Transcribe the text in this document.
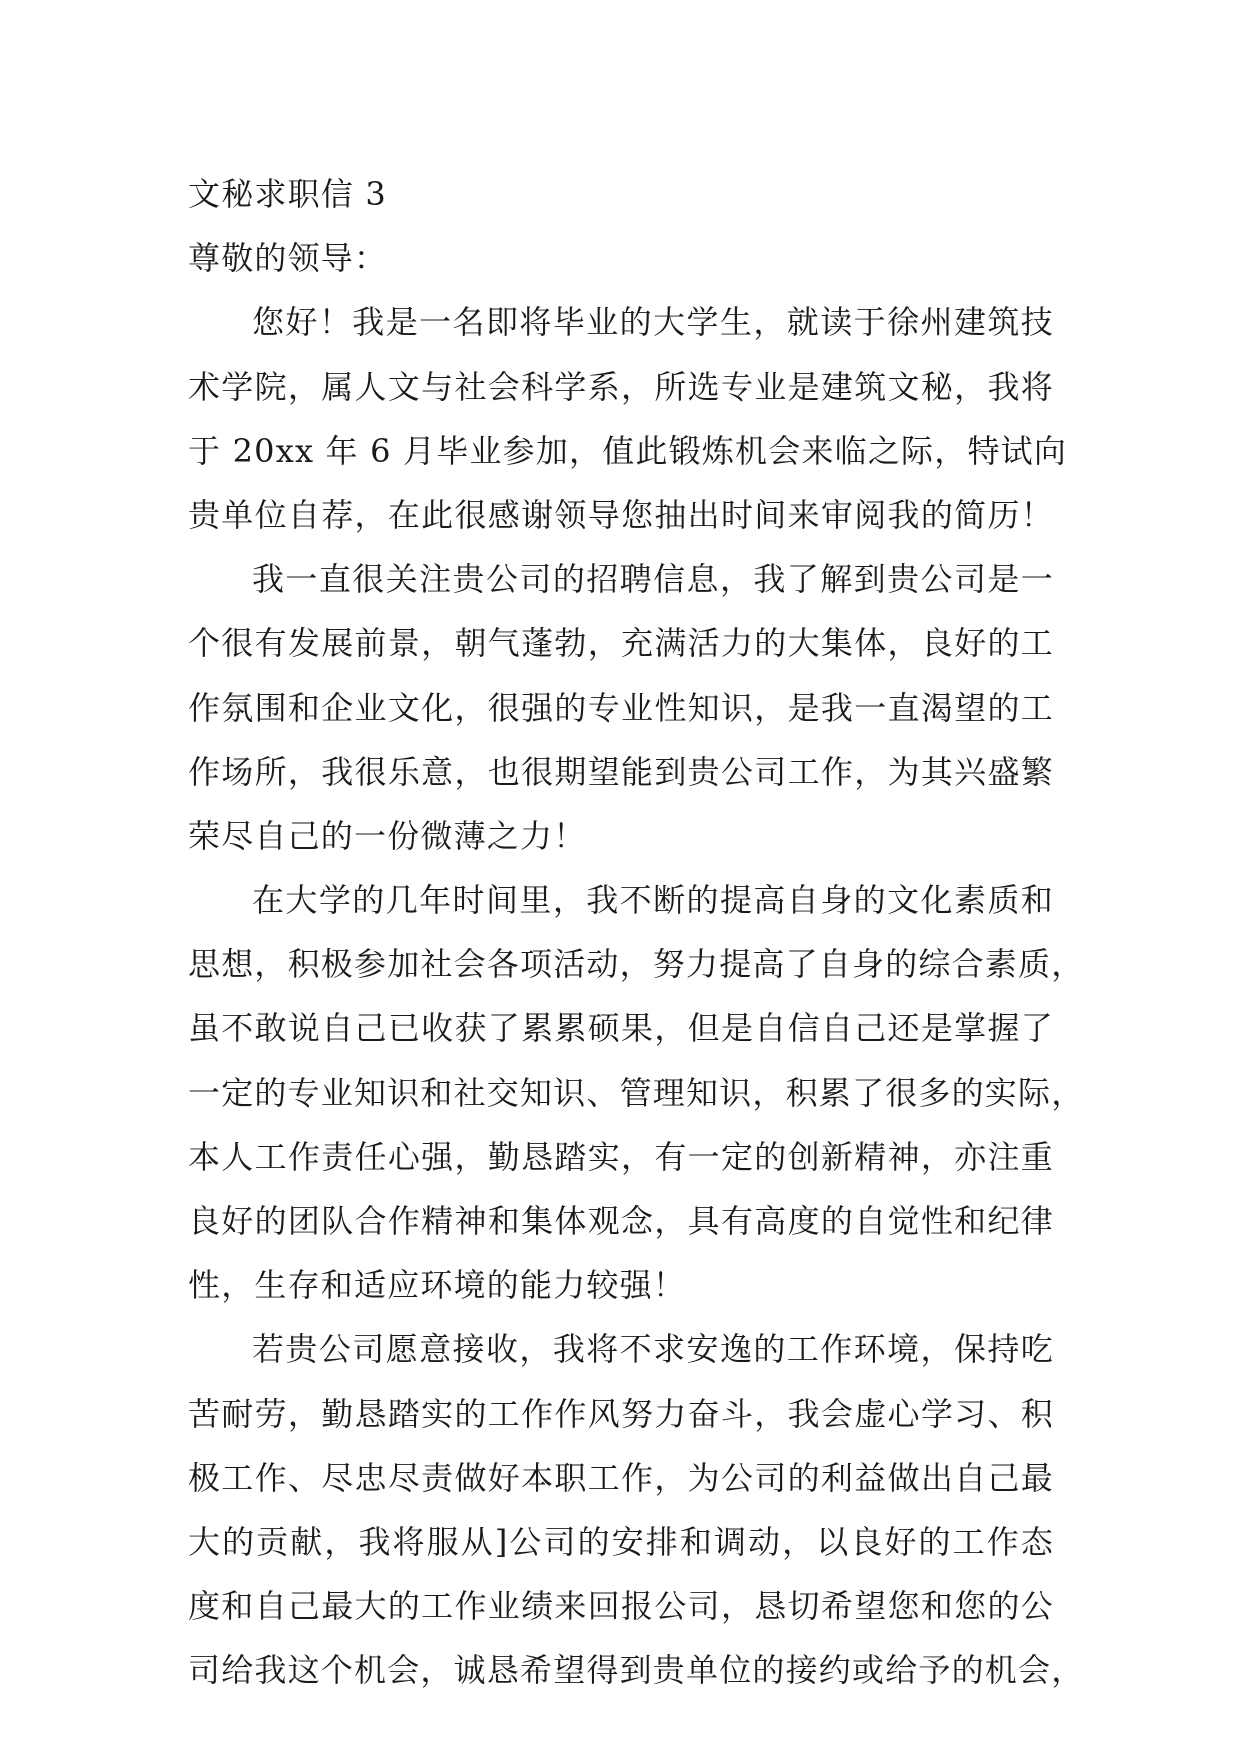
文秘求职信 3
尊敬的领导：
您好！我是一名即将毕业的大学生，就读于徐州建筑技
术学院，属人文与社会科学系，所选专业是建筑文秘，我将
于 20xx 年 6 月毕业参加，值此锻炼机会来临之际，特试向
贵单位自荐，在此很感谢领导您抽出时间来审阅我的简历！
我一直很关注贵公司的招聘信息，我了解到贵公司是一
个很有发展前景，朝气蓬勃，充满活力的大集体，良好的工
作氛围和企业文化，很强的专业性知识，是我一直渴望的工
作场所，我很乐意，也很期望能到贵公司工作，为其兴盛繁
荣尽自己的一份微薄之力！
在大学的几年时间里，我不断的提高自身的文化素质和
思想，积极参加社会各项活动，努力提高了自身的综合素质，
虽不敢说自己已收获了累累硕果，但是自信自己还是掌握了
一定的专业知识和社交知识、管理知识，积累了很多的实际，
本人工作责任心强，勤恳踏实，有一定的创新精神，亦注重
良好的团队合作精神和集体观念，具有高度的自觉性和纪律
性，生存和适应环境的能力较强！
若贵公司愿意接收，我将不求安逸的工作环境，保持吃
苦耐劳，勤恳踏实的工作作风努力奋斗，我会虚心学习、积
极工作、尽忠尽责做好本职工作，为公司的利益做出自己最
大的贡献，我将服从]公司的安排和调动，以良好的工作态
度和自己最大的工作业绩来回报公司，恳切希望您和您的公
司给我这个机会，诚恳希望得到贵单位的接约或给予的机会，
